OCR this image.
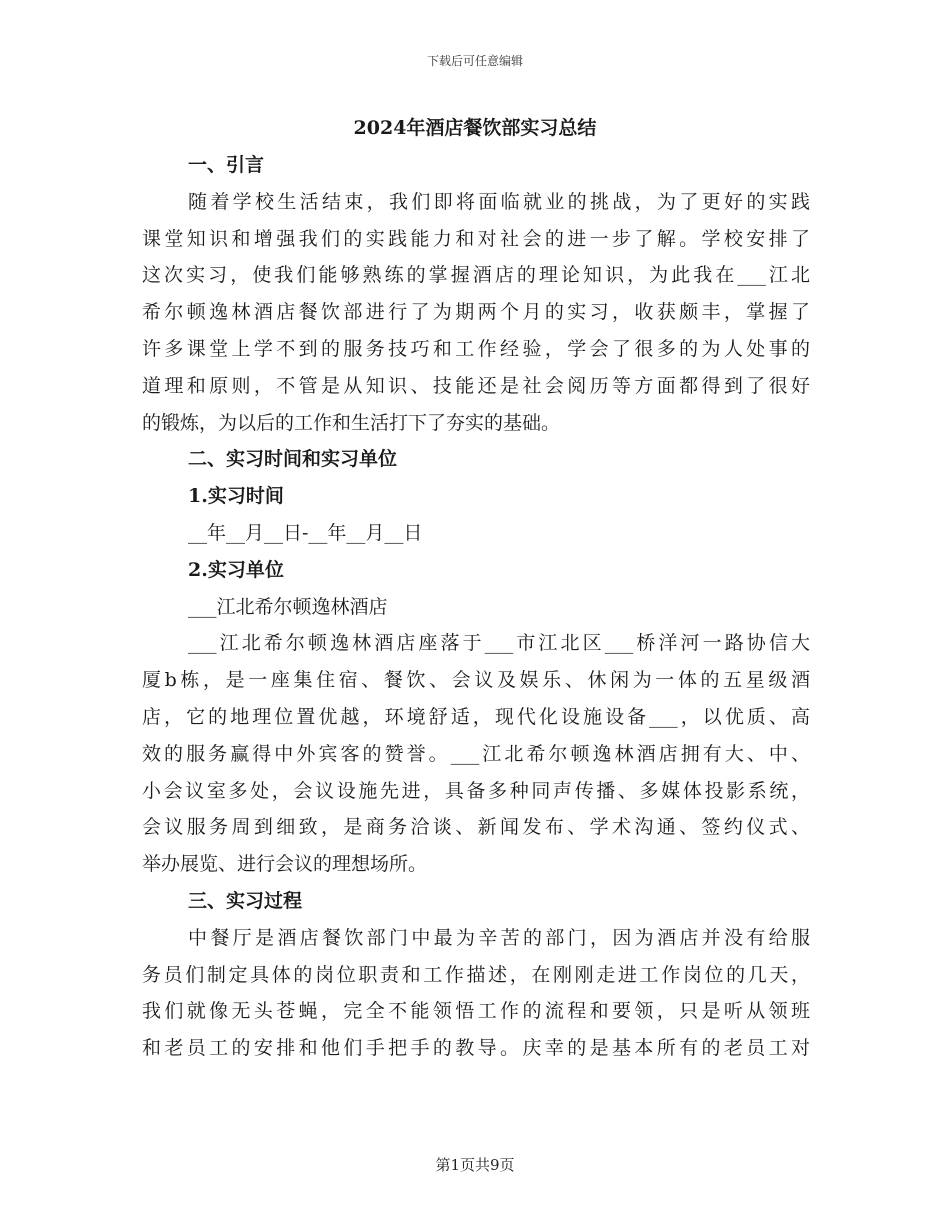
下载后可任意编辑
2024年酒店餐饮部实习总结
一、引言
随着学校生活结束，我们即将面临就业的挑战，为了更好的实践
课堂知识和增强我们的实践能力和对社会的进一步了解。学校安排了
这次实习，使我们能够熟练的掌握酒店的理论知识，为此我在___江北
希尔顿逸林酒店餐饮部进行了为期两个月的实习，收获颇丰，掌握了
许多课堂上学不到的服务技巧和工作经验，学会了很多的为人处事的
道理和原则，不管是从知识、技能还是社会阅历等方面都得到了很好
的锻炼，为以后的工作和生活打下了夯实的基础。
二、实习时间和实习单位
1.实习时间
__年__月__日-__年__月__日
2.实习单位
___江北希尔顿逸林酒店
___江北希尔顿逸林酒店座落于___市江北区___桥洋河一路协信大
厦b栋，是一座集住宿、餐饮、会议及娱乐、休闲为一体的五星级酒
店，它的地理位置优越，环境舒适，现代化设施设备___，以优质、高
效的服务赢得中外宾客的赞誉。___江北希尔顿逸林酒店拥有大、中、
小会议室多处，会议设施先进，具备多种同声传播、多媒体投影系统，
会议服务周到细致，是商务洽谈、新闻发布、学术沟通、签约仪式、
举办展览、进行会议的理想场所。
三、实习过程
中餐厅是酒店餐饮部门中最为辛苦的部门，因为酒店并没有给服
务员们制定具体的岗位职责和工作描述，在刚刚走进工作岗位的几天，
我们就像无头苍蝇，完全不能领悟工作的流程和要领，只是听从领班
和老员工的安排和他们手把手的教导。庆幸的是基本所有的老员工对
第1页共9页
